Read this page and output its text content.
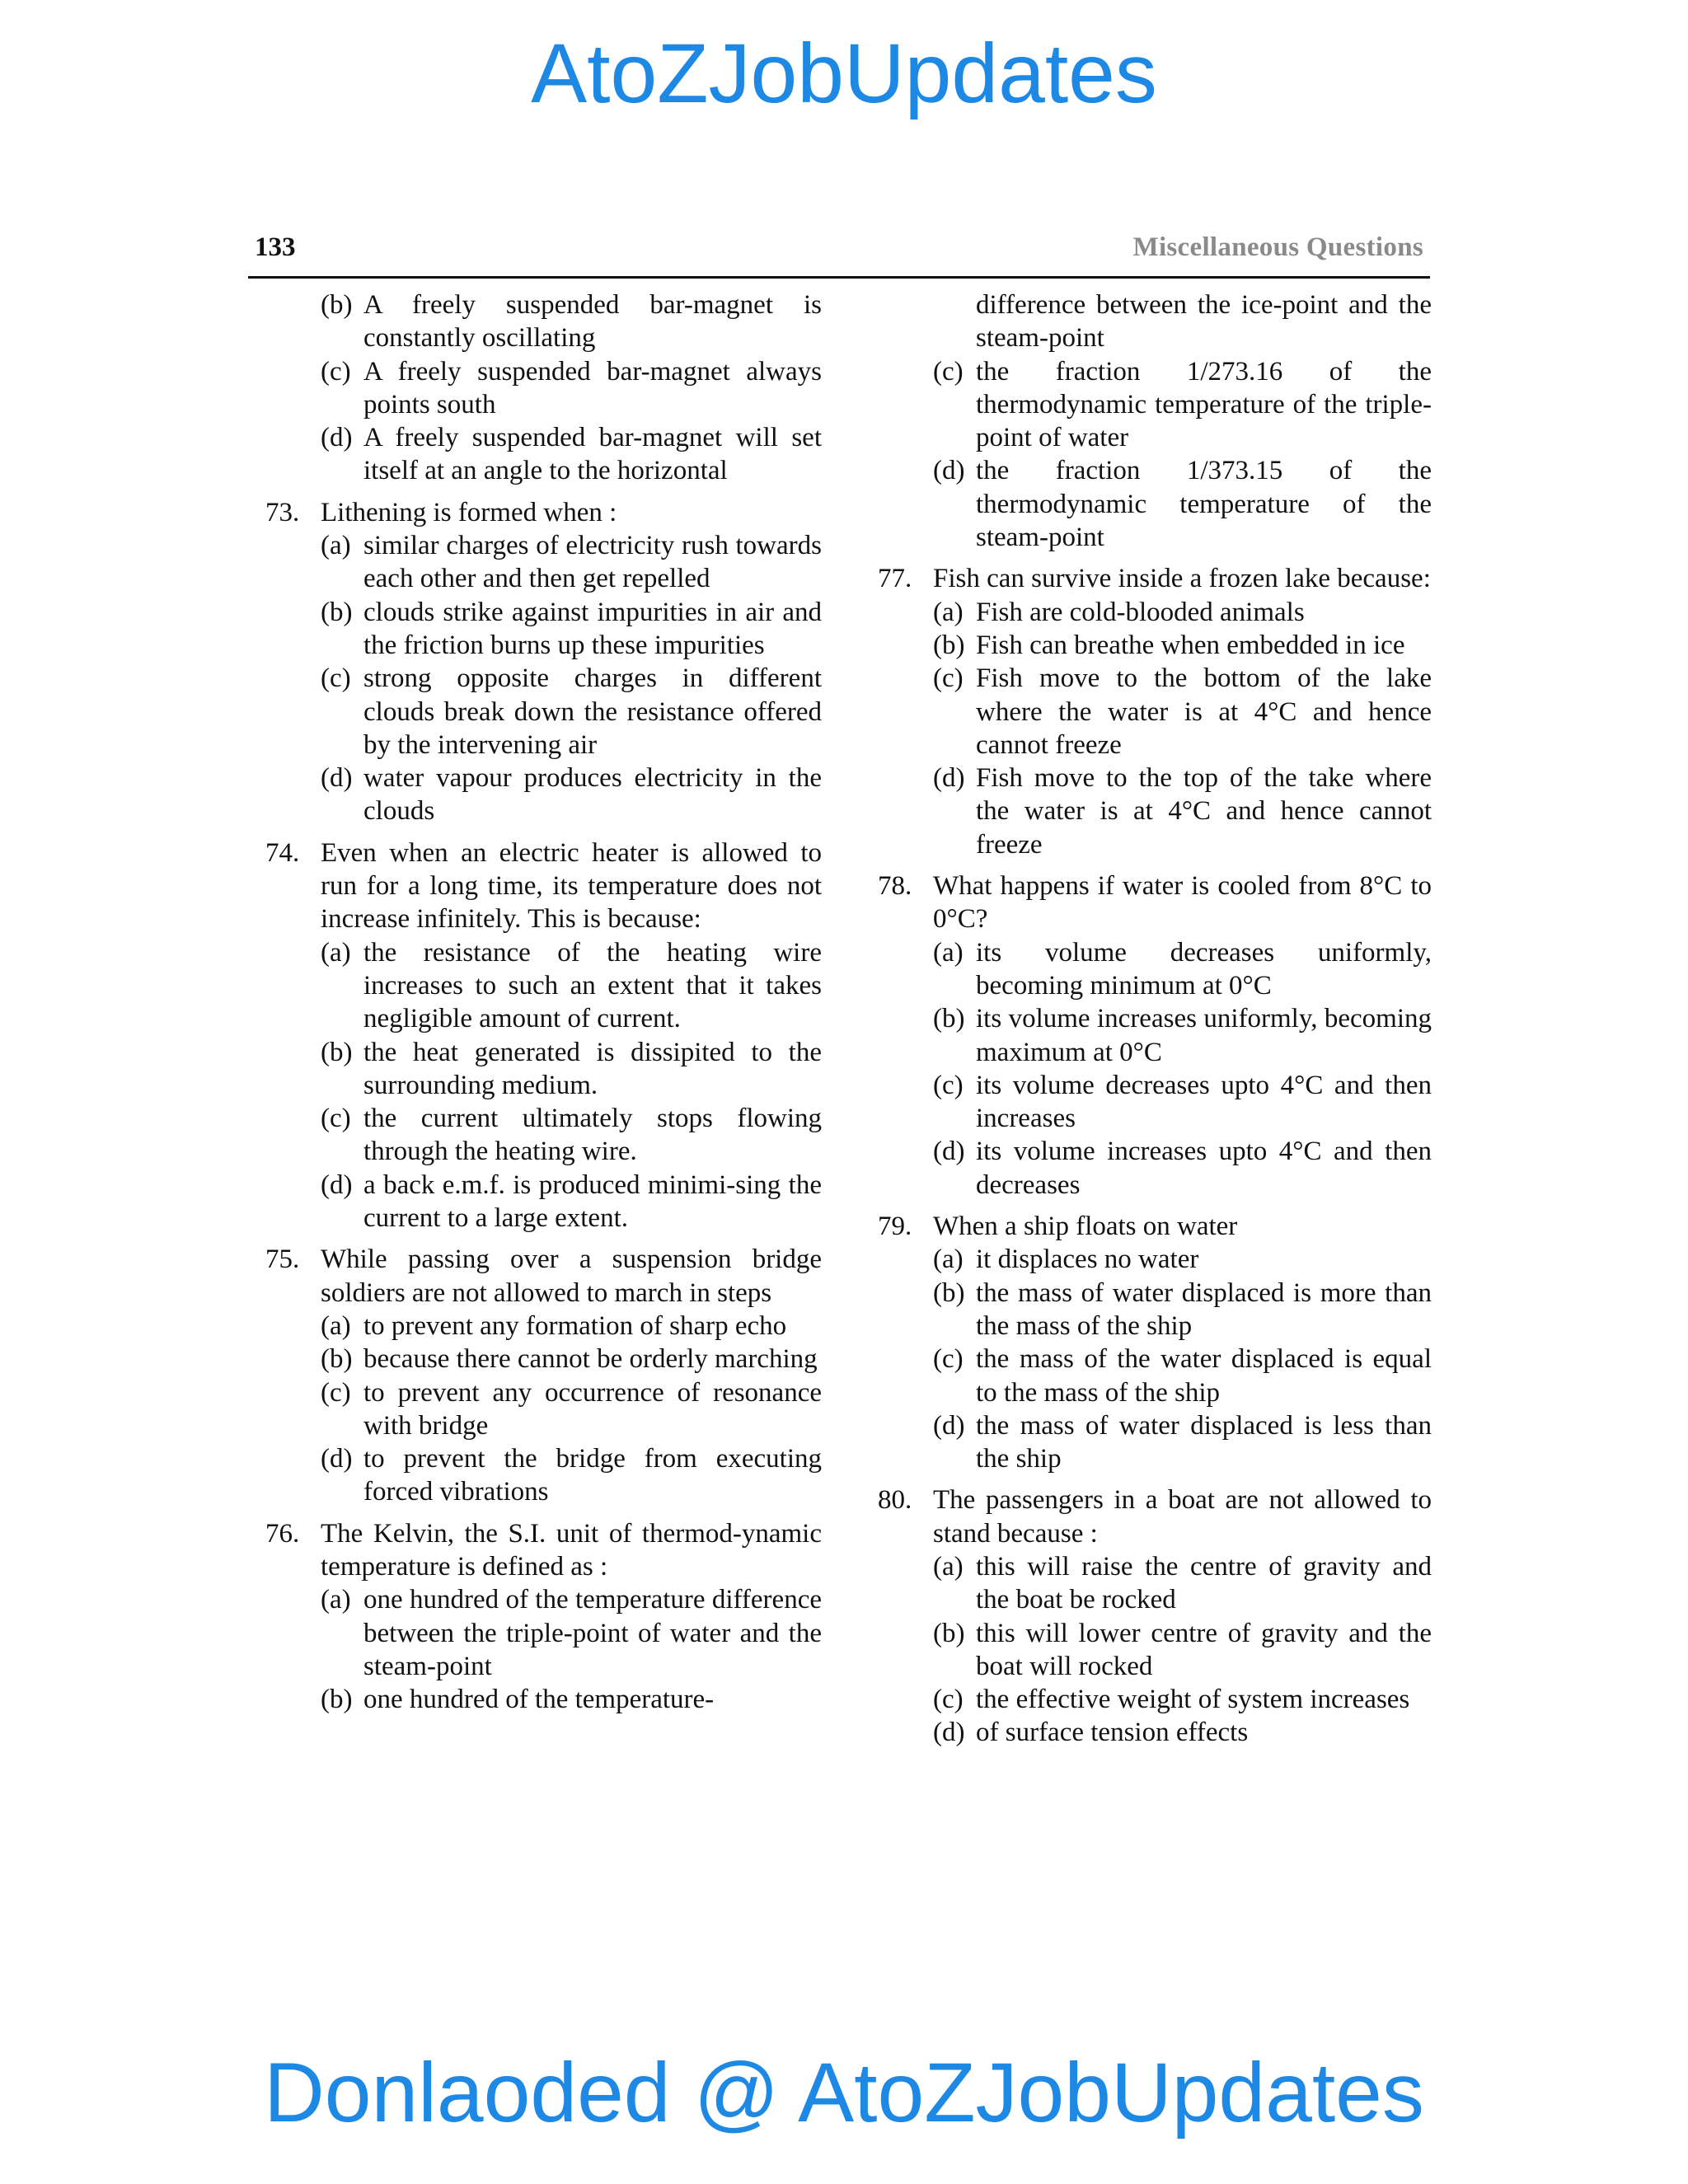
AtoZJobUpdates
133	Miscellaneous Questions
(b) A freely suspended bar-magnet is constantly oscillating
(c) A freely suspended bar-magnet always points south
(d) A freely suspended bar-magnet will set itself at an angle to the horizontal
73. Lithening is formed when :
(a) similar charges of electricity rush towards each other and then get repelled
(b) clouds strike against impurities in air and the friction burns up these impurities
(c) strong opposite charges in different clouds break down the resistance offered by the intervening air
(d) water vapour produces electricity in the clouds
74. Even when an electric heater is allowed to run for a long time, its temperature does not increase infinitely. This is because:
(a) the resistance of the heating wire increases to such an extent that it takes negligible amount of current.
(b) the heat generated is dissipited to the surrounding medium.
(c) the current ultimately stops flowing through the heating wire.
(d) a back e.m.f. is produced minimi-sing the current to a large extent.
75. While passing over a suspension bridge soldiers are not allowed to march in steps
(a) to prevent any formation of sharp echo
(b) because there cannot be orderly marching
(c) to prevent any occurrence of resonance with bridge
(d) to prevent the bridge from executing forced vibrations
76. The Kelvin, the S.I. unit of thermod-ynamic temperature is defined as :
(a) one hundred of the temperature difference between the triple-point of water and the steam-point
(b) one hundred of the temperature-
difference between the ice-point and the steam-point
(c) the fraction 1/273.16 of the thermodynamic temperature of the triple-point of water
(d) the fraction 1/373.15 of the thermodynamic temperature of the steam-point
77. Fish can survive inside a frozen lake because:
(a) Fish are cold-blooded animals
(b) Fish can breathe when embedded in ice
(c) Fish move to the bottom of the lake where the water is at 4°C and hence cannot freeze
(d) Fish move to the top of the take where the water is at 4°C and hence cannot freeze
78. What happens if water is cooled from 8°C to 0°C?
(a) its volume decreases uniformly, becoming minimum at 0°C
(b) its volume increases uniformly, becoming maximum at 0°C
(c) its volume decreases upto 4°C and then increases
(d) its volume increases upto 4°C and then decreases
79. When a ship floats on water
(a) it displaces no water
(b) the mass of water displaced is more than the mass of the ship
(c) the mass of the water displaced is equal to the mass of the ship
(d) the mass of water displaced is less than the ship
80. The passengers in a boat are not allowed to stand because :
(a) this will raise the centre of gravity and the boat be rocked
(b) this will lower centre of gravity and the boat will rocked
(c) the effective weight of system increases
(d) of surface tension effects
Donlaoded @ AtoZJobUpdates
